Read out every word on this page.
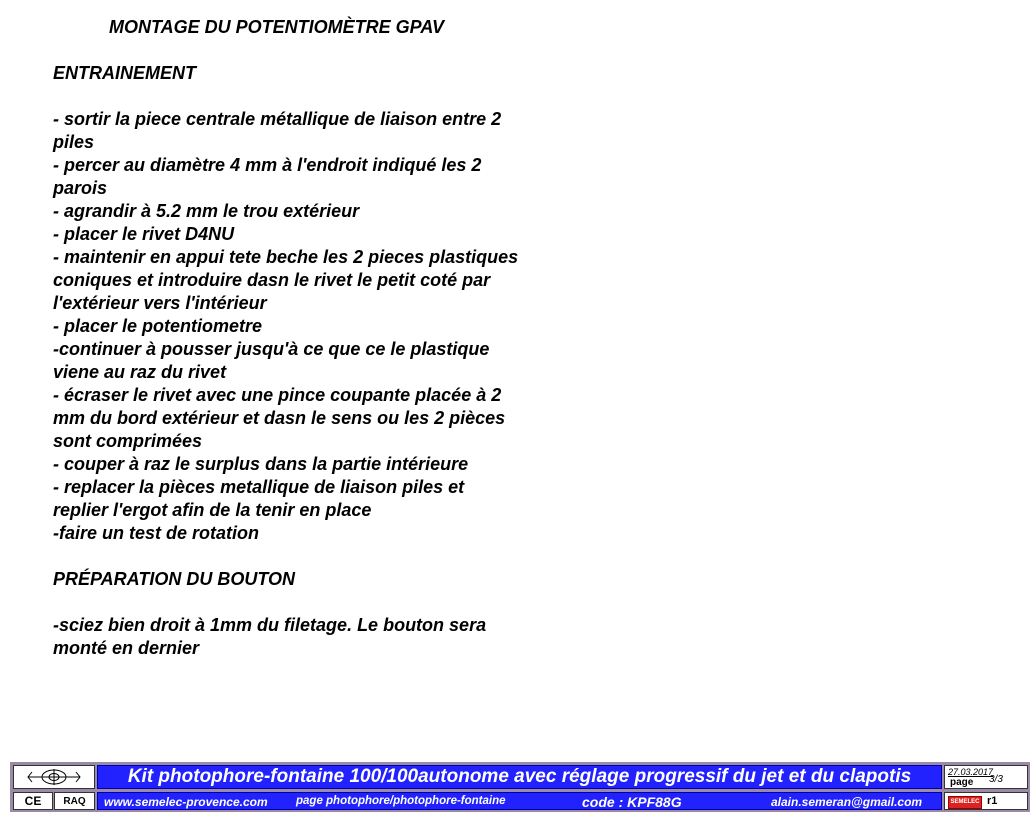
MONTAGE DU POTENTIOMÈTRE GPAV
ENTRAINEMENT
- sortir la piece centrale métallique de liaison entre 2
piles
- percer au diamètre 4 mm à l'endroit indiqué les 2
parois
- agrandir à 5.2 mm le trou extérieur
- placer le rivet D4NU
- maintenir en appui tete beche les 2 pieces plastiques
coniques et introduire dasn le rivet le petit coté par
l'extérieur vers l'intérieur
- placer le potentiometre
-continuer à pousser jusqu'à ce que ce le plastique
viene au raz du rivet
- écraser le rivet avec une pince coupante placée à 2
mm du bord extérieur et dasn le sens ou les 2 pièces
sont comprimées
- couper à raz le surplus dans la partie intérieure
- replacer la pièces metallique de liaison piles et
replier l'ergot afin de la tenir en place
-faire un test de rotation
PRÉPARATION DU BOUTON
-sciez bien droit à 1mm du filetage. Le bouton sera
monté en dernier
Kit photophore-fontaine 100/100autonome avec réglage progressif du jet et du clapotis	27.03.2017
page 3/3
CE	RAQ	www.semelec-provence.com page photophore/photophore-fontaine	code : KPF88G	alain.semeran@gmail.com	SEMELEC r1
